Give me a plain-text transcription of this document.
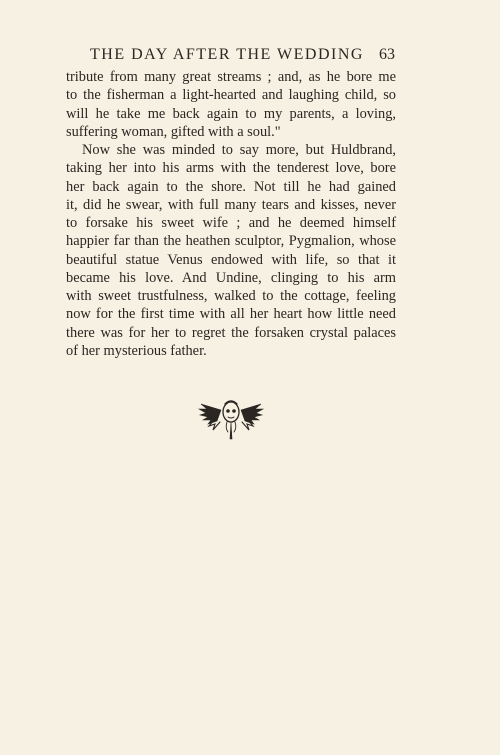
THE DAY AFTER THE WEDDING 63
tribute from many great streams ; and, as he bore me
to the fisherman a light-hearted and laughing child, so
will he take me back again to my parents, a loving,
suffering woman, gifted with a soul."
Now she was minded to say more, but Huldbrand,
taking her into his arms with the tenderest love, bore
her back again to the shore. Not till he had gained
it, did he swear, with full many tears and kisses, never
to forsake his sweet wife ; and he deemed himself
happier far than the heathen sculptor, Pygmalion, whose
beautiful statue Venus endowed with life, so that it
became his love. And Undine, clinging to his arm
with sweet trustfulness, walked to the cottage, feeling
now for the first time with all her heart how little need
there was for her to regret the forsaken crystal palaces
of her mysterious father.
